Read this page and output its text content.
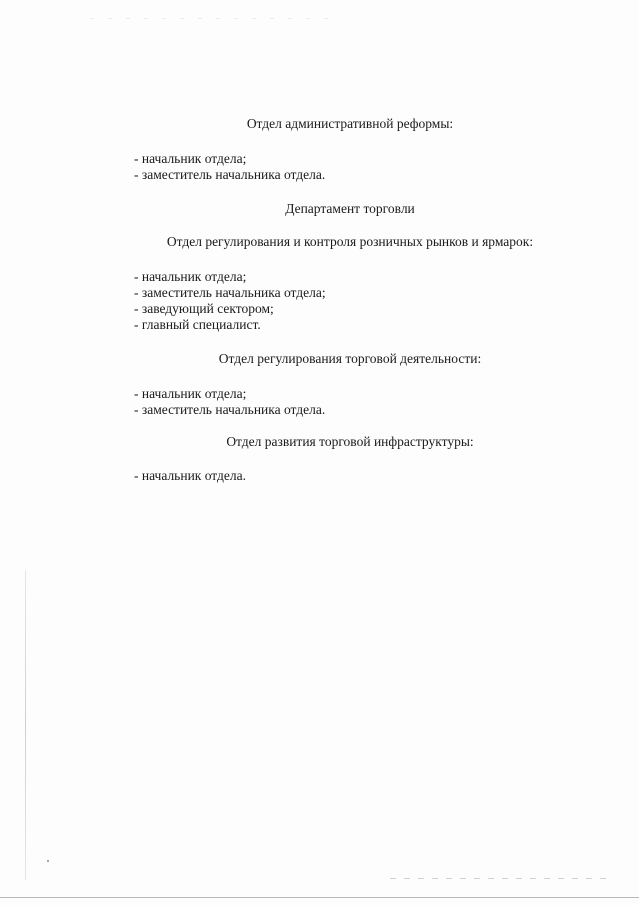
Отдел административной реформы:
- начальник отдела;
- заместитель начальника отдела.
Департамент торговли
Отдел регулирования и контроля розничных рынков и ярмарок:
- начальник отдела;
- заместитель начальника отдела;
- заведующий сектором;
- главный специалист.
Отдел регулирования торговой деятельности:
- начальник отдела;
- заместитель начальника отдела.
Отдел развития торговой инфраструктуры:
- начальник отдела.
